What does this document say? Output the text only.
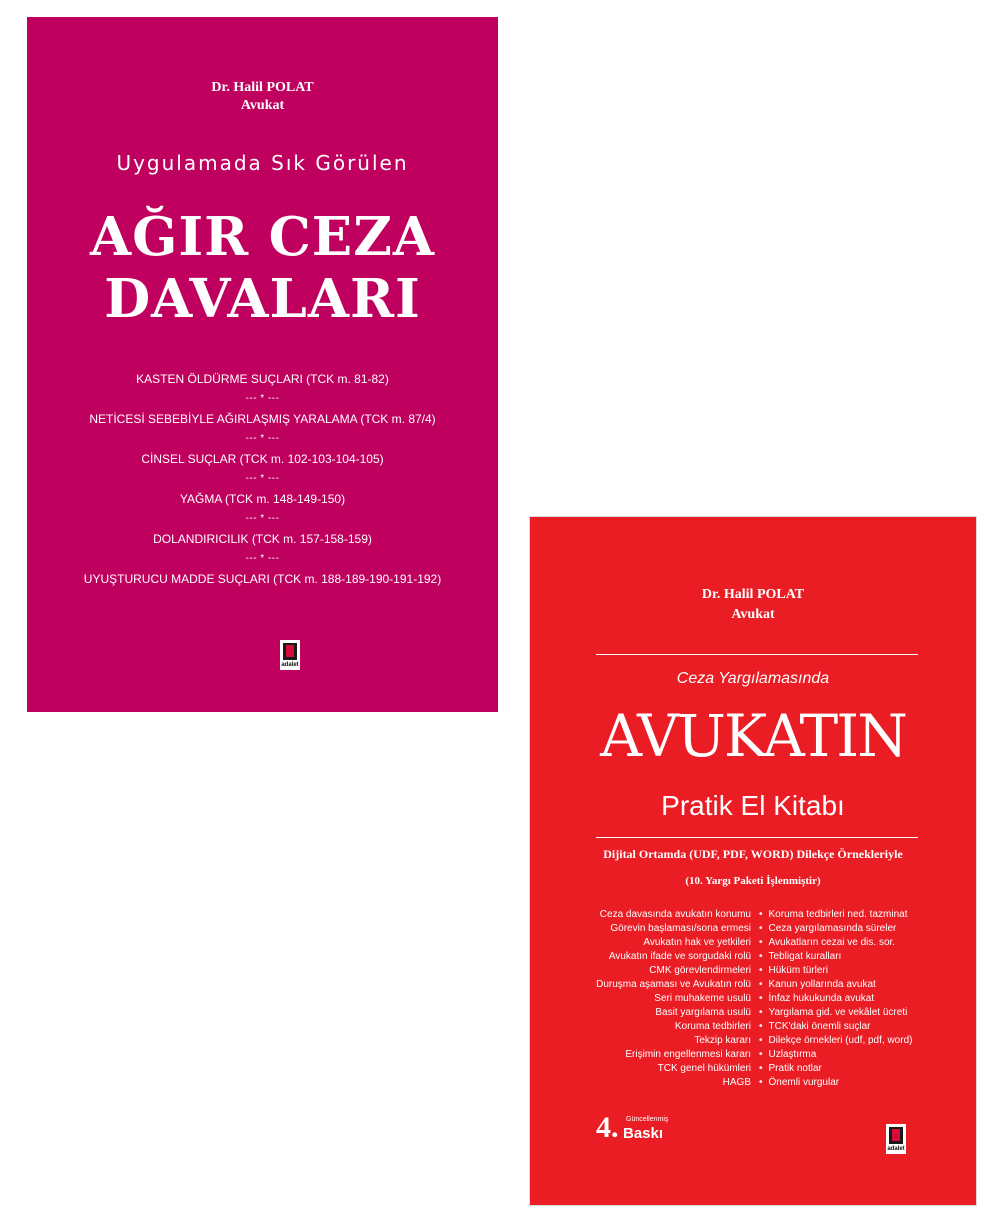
Dr. Halil POLAT
Avukat
Uygulamada Sık Görülen
AĞIR CEZA
DAVALARI
KASTEN ÖLDÜRME SUÇLARI (TCK m. 81-82)
--- * ---
NETİCESİ SEBEBİYLE AĞIRLAŞMIŞ YARALAMA (TCK m. 87/4)
--- * ---
CİNSEL SUÇLAR (TCK m. 102-103-104-105)
--- * ---
YAĞMA (TCK m. 148-149-150)
--- * ---
DOLANDIRICILIK (TCK m. 157-158-159)
--- * ---
UYUŞTURUCU MADDE SUÇLARI (TCK m. 188-189-190-191-192)
adalet
Dr. Halil POLAT
Avukat
Ceza Yargılamasında
AVUKATIN
Pratik El Kitabı
Dijital Ortamda (UDF, PDF, WORD) Dilekçe Örnekleriyle
(10. Yargı Paketi İşlenmiştir)
Ceza davasında avukatın konumu
Görevin başlaması/sona ermesi
Avukatın hak ve yetkileri
Avukatın ifade ve sorgudaki rolü
CMK görevlendirmeleri
Duruşma aşaması ve Avukatın rolü
Seri muhakeme usulü
Basit yargılama usulü
Koruma tedbirleri
Tekzip kararı
Erişimin engellenmesi kararı
TCK genel hükümleri
HAGB
• Koruma tedbirleri ned. tazminat
• Ceza yargılamasında süreler
• Avukatların cezai ve dis. sor.
• Tebligat kuralları
• Hüküm türleri
• Kanun yollarında avukat
• İnfaz hukukunda avukat
• Yargılama gid. ve vekâlet ücreti
• TCK'daki önemli suçlar
• Dilekçe örnekleri (udf, pdf, word)
• Uzlaştırma
• Pratik notlar
• Önemli vurgular
4. Güncellenmiş
Baskı
adalet
